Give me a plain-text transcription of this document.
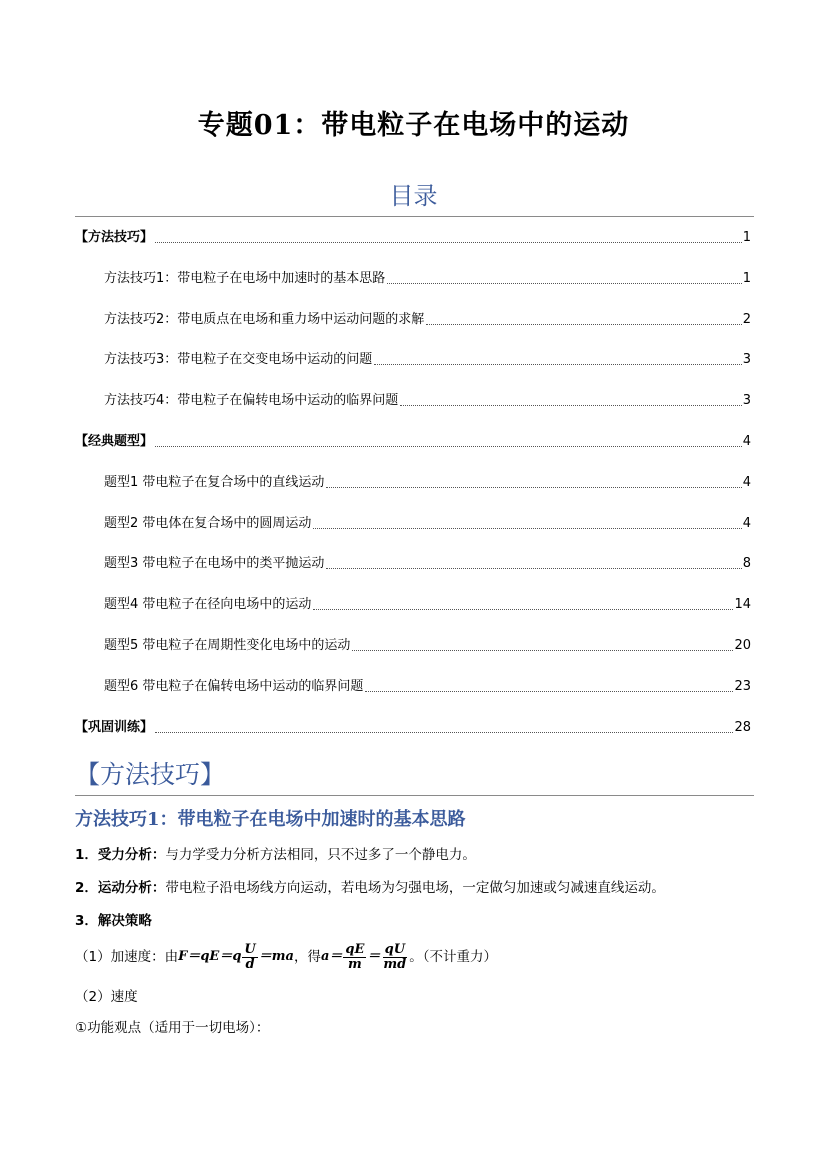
专题01：带电粒子在电场中的运动
目录
【方法技巧】	1
方法技巧1：带电粒子在电场中加速时的基本思路	1
方法技巧2：带电质点在电场和重力场中运动问题的求解	2
方法技巧3：带电粒子在交变电场中运动的问题	3
方法技巧4：带电粒子在偏转电场中运动的临界问题	3
【经典题型】	4
题型1 带电粒子在复合场中的直线运动	4
题型2 带电体在复合场中的圆周运动	4
题型3 带电粒子在电场中的类平抛运动	8
题型4 带电粒子在径向电场中的运动	14
题型5 带电粒子在周期性变化电场中的运动	20
题型6 带电粒子在偏转电场中运动的临界问题	23
【巩固训练】	28
【方法技巧】
方法技巧1：带电粒子在电场中加速时的基本思路
1．受力分析：与力学受力分析方法相同，只不过多了一个静电力。
2．运动分析：带电粒子沿电场线方向运动，若电场为匀强电场，一定做匀加速或匀减速直线运动。
3．解决策略
（1）加速度：由 $F=qE=q \frac{U}{d} =ma$ ，得 $a= \frac{qE}{m} = \frac{qU}{md}$ 。（不计重力）
（2）速度
①功能观点（适用于一切电场）：
